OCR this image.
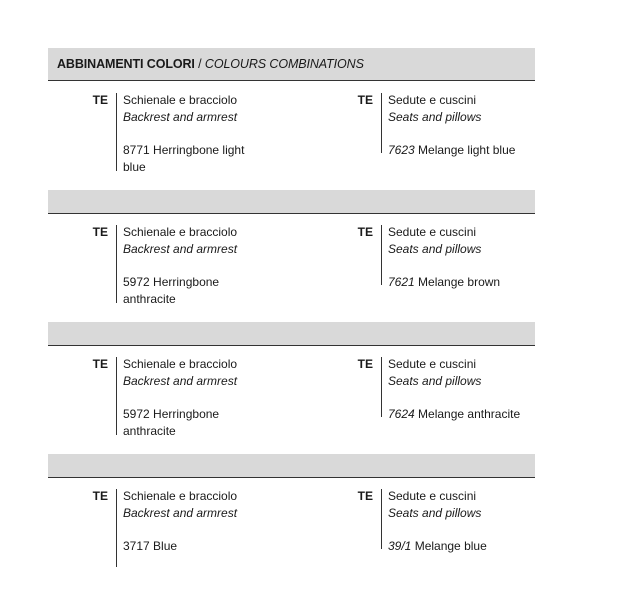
ABBINAMENTI COLORI / COLOURS COMBINATIONS
TE Schienale e bracciolo
Backrest and armrest
8771 Herringbone light
blue
TE Sedute e cuscini
Seats and pillows
7623 Melange light blue
TE Schienale e bracciolo
Backrest and armrest
5972 Herringbone
anthracite
TE Sedute e cuscini
Seats and pillows
7621 Melange brown
TE Schienale e bracciolo
Backrest and armrest
5972 Herringbone
anthracite
TE Sedute e cuscini
Seats and pillows
7624 Melange anthracite
TE Schienale e bracciolo
Backrest and armrest
3717 Blue
TE Sedute e cuscini
Seats and pillows
39/1 Melange blue
